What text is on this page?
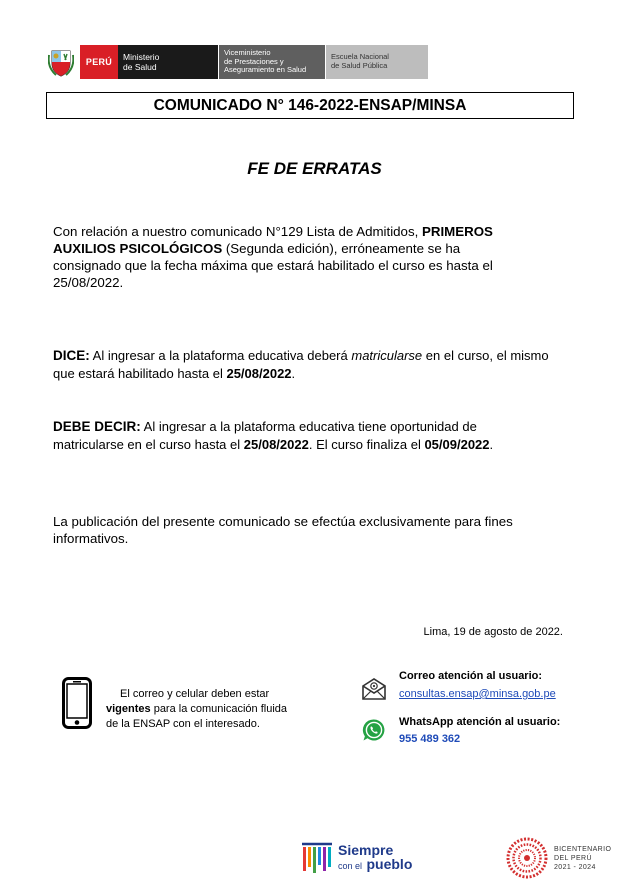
PERÚ	Ministerio
de Salud
Viceministerio
de Prestaciones y
Aseguramiento en Salud
Escuela Nacional
de Salud Pública
COMUNICADO N° 146-2022-ENSAP/MINSA
FE DE ERRATAS
Con relación a nuestro comunicado N°129 Lista de Admitidos, PRIMEROS
AUXILIOS PSICOLÓGICOS (Segunda edición), erróneamente se ha
consignado que la fecha máxima que estará habilitado el curso es hasta el
25/08/2022.
DICE: Al ingresar a la plataforma educativa deberá matricularse en el curso, el mismo
que estará habilitado hasta el 25/08/2022.
DEBE DECIR: Al ingresar a la plataforma educativa tiene oportunidad de
matricularse en el curso hasta el 25/08/2022. El curso finaliza el 05/09/2022.
La publicación del presente comunicado se efectúa exclusivamente para fines informativos.
Lima, 19 de agosto de 2022.
El correo y celular deben estar
vigentes para la comunicación fluida
de la ENSAP con el interesado.
Correo atención al usuario:
consultas.ensap@minsa.gob.pe
WhatsApp atención al usuario:
955 489 362
Siempre
con el pueblo
BICENTENARIO
DEL PERÚ
2021 - 2024
